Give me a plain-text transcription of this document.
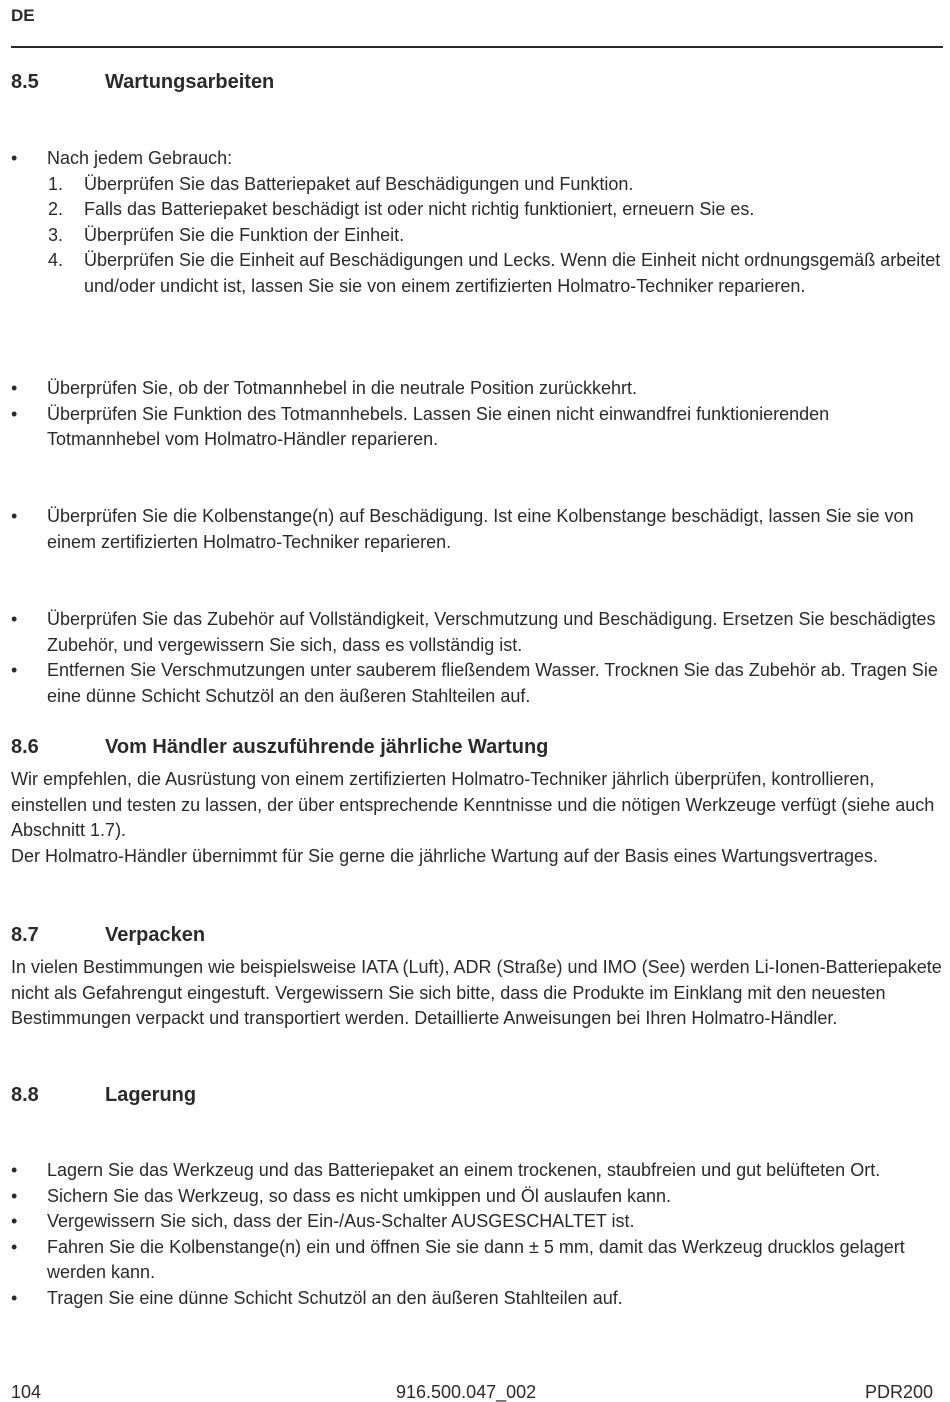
DE
8.5	Wartungsarbeiten
• Nach jedem Gebrauch:
1. Überprüfen Sie das Batteriepaket auf Beschädigungen und Funktion.
2. Falls das Batteriepaket beschädigt ist oder nicht richtig funktioniert, erneuern Sie es.
3. Überprüfen Sie die Funktion der Einheit.
4. Überprüfen Sie die Einheit auf Beschädigungen und Lecks. Wenn die Einheit nicht ordnungsgemäß arbeitet und/oder undicht ist, lassen Sie sie von einem zertifizierten Holmatro-Techniker reparieren.
• Überprüfen Sie, ob der Totmannhebel in die neutrale Position zurückkehrt.
• Überprüfen Sie Funktion des Totmannhebels. Lassen Sie einen nicht einwandfrei funktionierenden Totmannhebel vom Holmatro-Händler reparieren.
• Überprüfen Sie die Kolbenstange(n) auf Beschädigung. Ist eine Kolbenstange beschädigt, lassen Sie sie von einem zertifizierten Holmatro-Techniker reparieren.
• Überprüfen Sie das Zubehör auf Vollständigkeit, Verschmutzung und Beschädigung. Ersetzen Sie beschädigtes Zubehör, und vergewissern Sie sich, dass es vollständig ist.
• Entfernen Sie Verschmutzungen unter sauberem fließendem Wasser. Trocknen Sie das Zubehör ab. Tragen Sie eine dünne Schicht Schutzöl an den äußeren Stahlteilen auf.
8.6	Vom Händler auszuführende jährliche Wartung
Wir empfehlen, die Ausrüstung von einem zertifizierten Holmatro-Techniker jährlich überprüfen, kontrollieren, einstellen und testen zu lassen, der über entsprechende Kenntnisse und die nötigen Werkzeuge verfügt (siehe auch Abschnitt 1.7).
Der Holmatro-Händler übernimmt für Sie gerne die jährliche Wartung auf der Basis eines Wartungsvertrages.
8.7	Verpacken
In vielen Bestimmungen wie beispielsweise IATA (Luft), ADR (Straße) und IMO (See) werden Li-Ionen-Batteriepakete nicht als Gefahrengut eingestuft. Vergewissern Sie sich bitte, dass die Produkte im Einklang mit den neuesten Bestimmungen verpackt und transportiert werden. Detaillierte Anweisungen bei Ihren Holmatro-Händler.
8.8	Lagerung
• Lagern Sie das Werkzeug und das Batteriepaket an einem trockenen, staubfreien und gut belüfteten Ort.
• Sichern Sie das Werkzeug, so dass es nicht umkippen und Öl auslaufen kann.
• Vergewissern Sie sich, dass der Ein-/Aus-Schalter AUSGESCHALTET ist.
• Fahren Sie die Kolbenstange(n) ein und öffnen Sie sie dann ± 5 mm, damit das Werkzeug drucklos gelagert werden kann.
• Tragen Sie eine dünne Schicht Schutzöl an den äußeren Stahlteilen auf.
104	916.500.047_002	PDR200
